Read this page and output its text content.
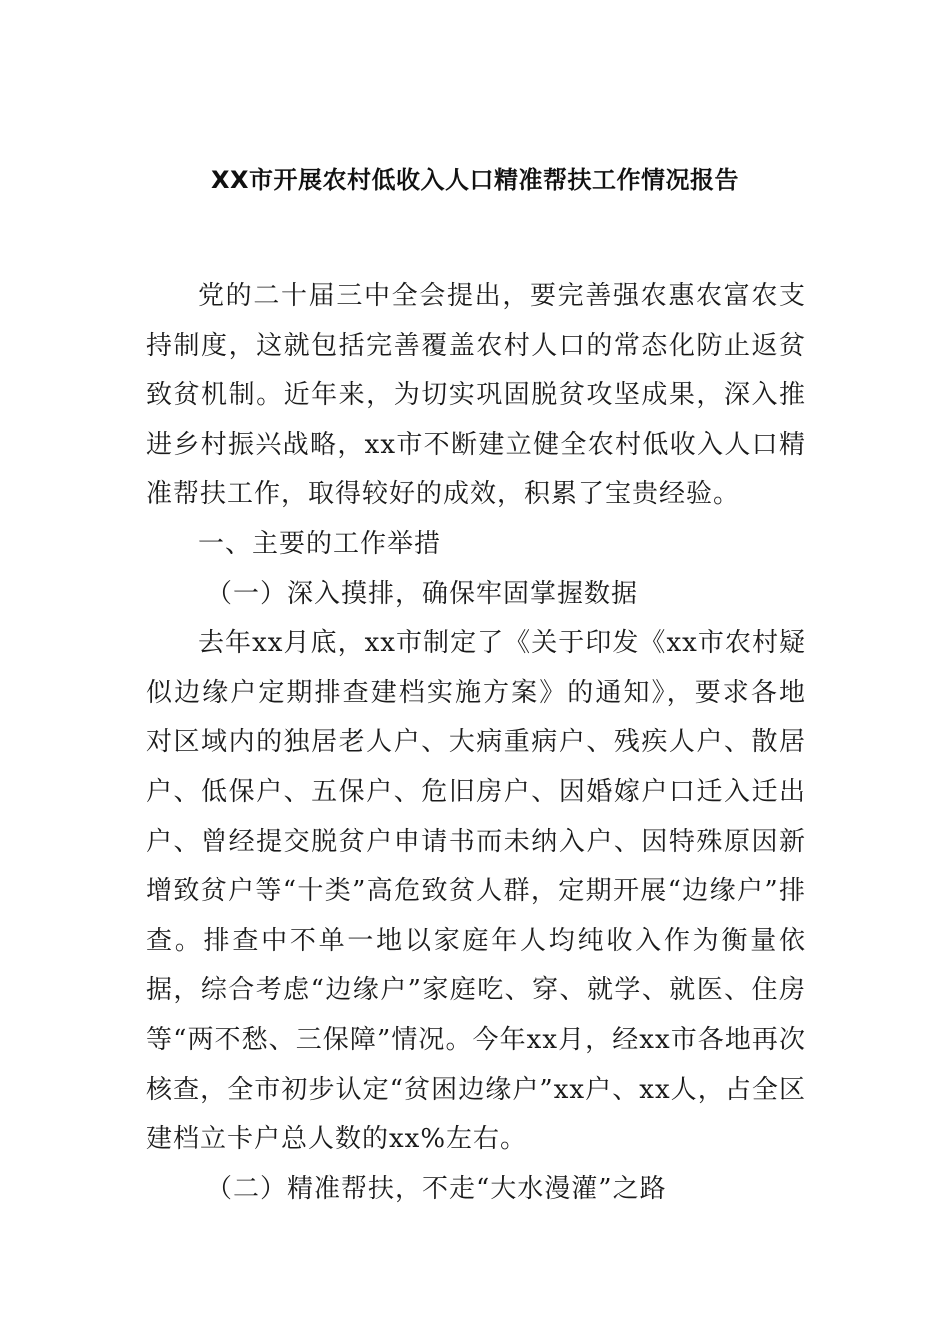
XX市开展农村低收入人口精准帮扶工作情况报告

党的二十届三中全会提出，要完善强农惠农富农支持制度，这就包括完善覆盖农村人口的常态化防止返贫致贫机制。近年来，为切实巩固脱贫攻坚成果，深入推进乡村振兴战略，xx市不断建立健全农村低收入人口精准帮扶工作，取得较好的成效，积累了宝贵经验。

一、主要的工作举措

（一）深入摸排，确保牢固掌握数据

去年xx月底，xx市制定了《关于印发《xx市农村疑似边缘户定期排查建档实施方案》的通知》，要求各地对区域内的独居老人户、大病重病户、残疾人户、散居户、低保户、五保户、危旧房户、因婚嫁户口迁入迁出户、曾经提交脱贫户申请书而未纳入户、因特殊原因新增致贫户等“十类”高危致贫人群，定期开展“边缘户”排查。排查中不单一地以家庭年人均纯收入作为衡量依据，综合考虑“边缘户”家庭吃、穿、就学、就医、住房等“两不愁、三保障”情况。今年xx月，经xx市各地再次核查，全市初步认定“贫困边缘户”xx户、xx人，占全区建档立卡户总人数的xx%左右。

（二）精准帮扶，不走“大水漫灌”之路
